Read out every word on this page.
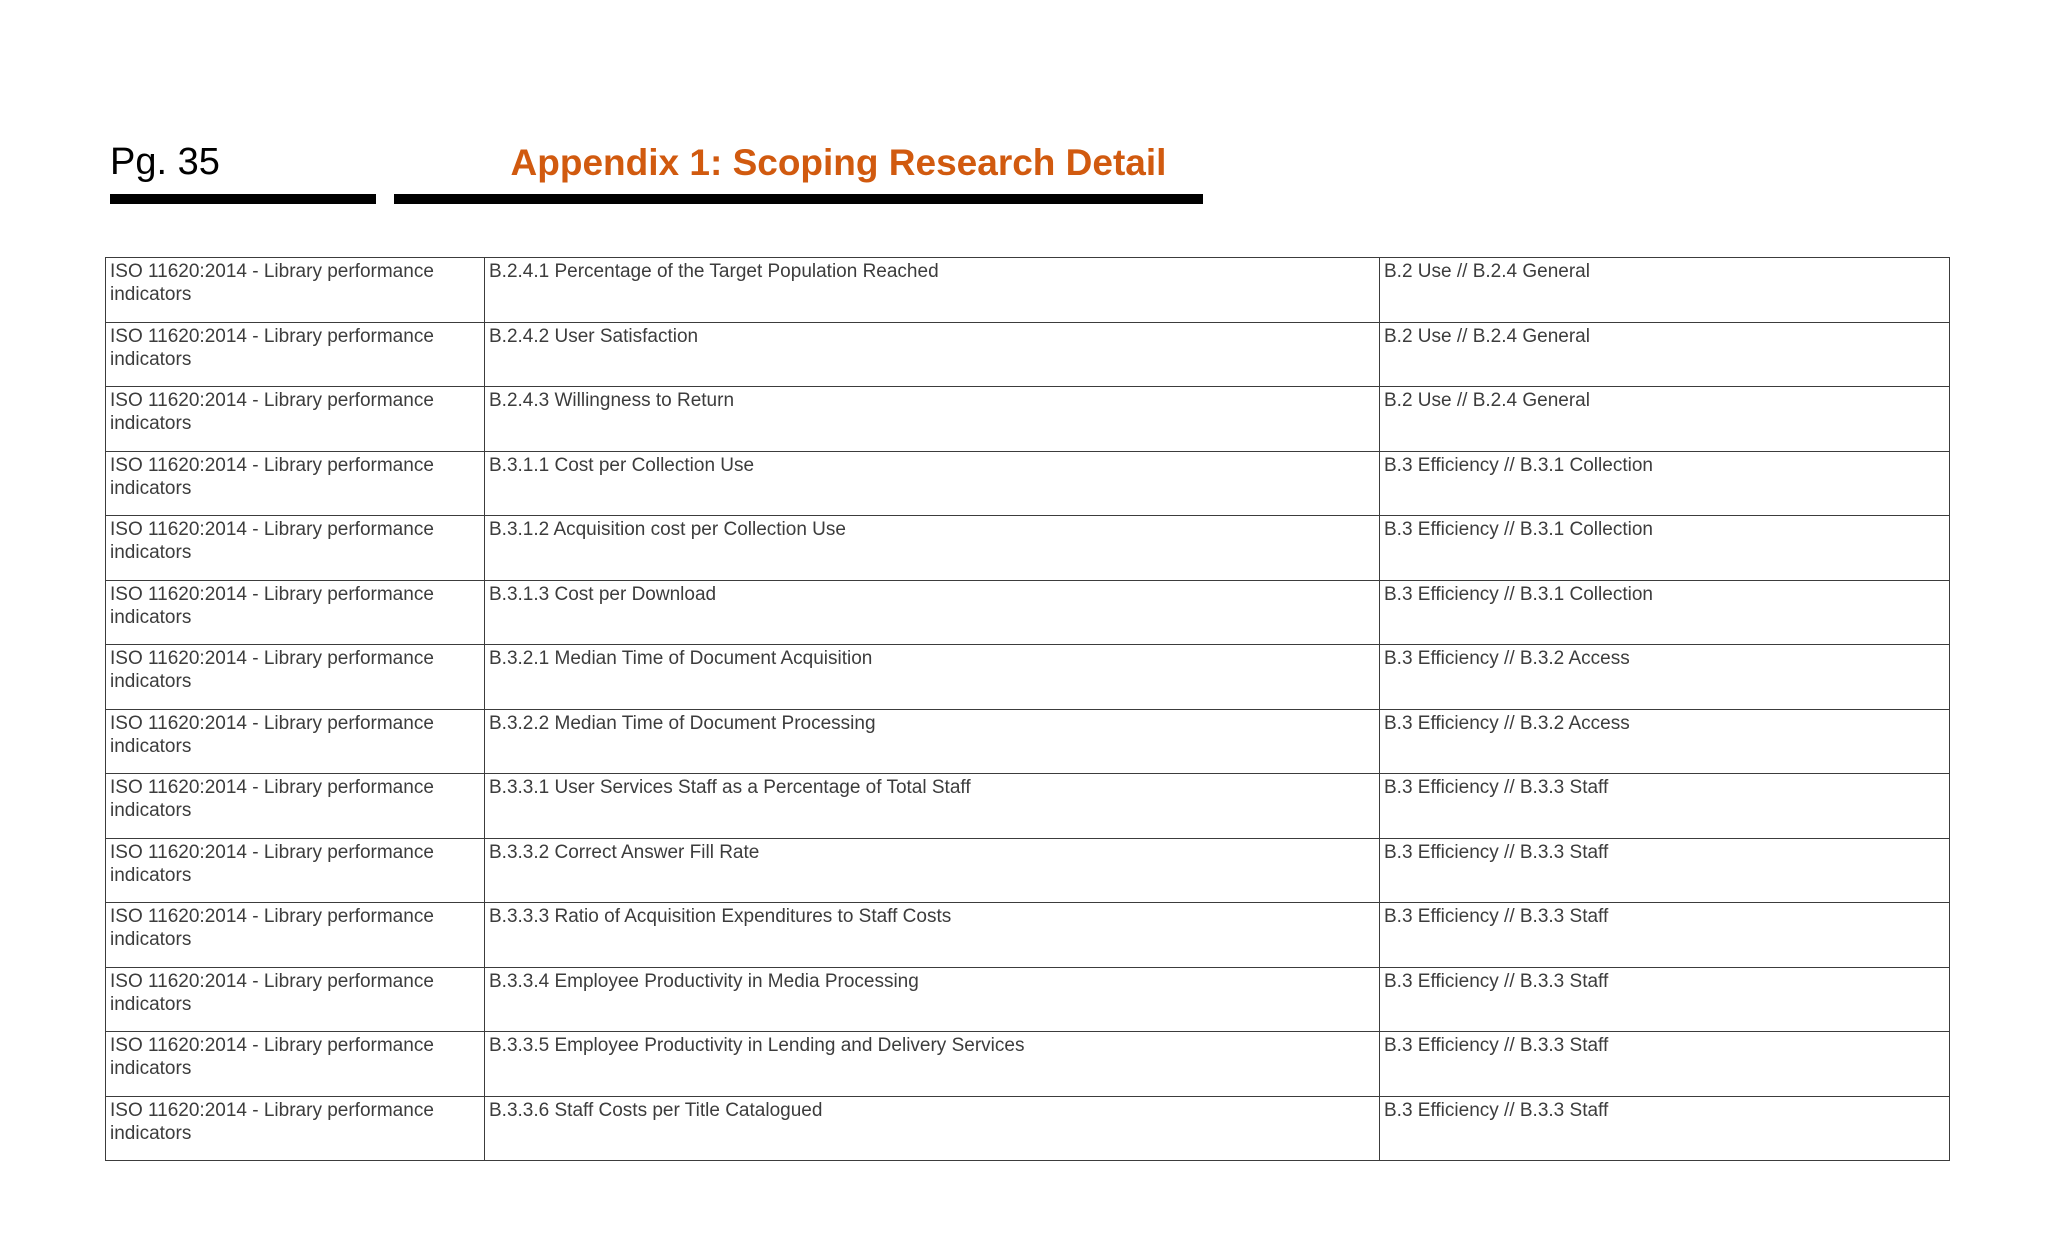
Pg. 35	Appendix 1: Scoping Research Detail
ISO 11620:2014 - Library performance indicators	B.2.4.1 Percentage of the Target Population Reached	B.2 Use // B.2.4 General
ISO 11620:2014 - Library performance indicators	B.2.4.2 User Satisfaction	B.2 Use // B.2.4 General
ISO 11620:2014 - Library performance indicators	B.2.4.3 Willingness to Return	B.2 Use // B.2.4 General
ISO 11620:2014 - Library performance indicators	B.3.1.1 Cost per Collection Use	B.3 Efficiency // B.3.1 Collection
ISO 11620:2014 - Library performance indicators	B.3.1.2 Acquisition cost per Collection Use	B.3 Efficiency // B.3.1 Collection
ISO 11620:2014 - Library performance indicators	B.3.1.3 Cost per Download	B.3 Efficiency // B.3.1 Collection
ISO 11620:2014 - Library performance indicators	B.3.2.1 Median Time of Document Acquisition	B.3 Efficiency // B.3.2 Access
ISO 11620:2014 - Library performance indicators	B.3.2.2 Median Time of Document Processing	B.3 Efficiency // B.3.2 Access
ISO 11620:2014 - Library performance indicators	B.3.3.1 User Services Staff as a Percentage of Total Staff	B.3 Efficiency // B.3.3 Staff
ISO 11620:2014 - Library performance indicators	B.3.3.2 Correct Answer Fill Rate	B.3 Efficiency // B.3.3 Staff
ISO 11620:2014 - Library performance indicators	B.3.3.3 Ratio of Acquisition Expenditures to Staff Costs	B.3 Efficiency // B.3.3 Staff
ISO 11620:2014 - Library performance indicators	B.3.3.4 Employee Productivity in Media Processing	B.3 Efficiency // B.3.3 Staff
ISO 11620:2014 - Library performance indicators	B.3.3.5 Employee Productivity in Lending and Delivery Services	B.3 Efficiency // B.3.3 Staff
ISO 11620:2014 - Library performance indicators	B.3.3.6 Staff Costs per Title Catalogued	B.3 Efficiency // B.3.3 Staff
